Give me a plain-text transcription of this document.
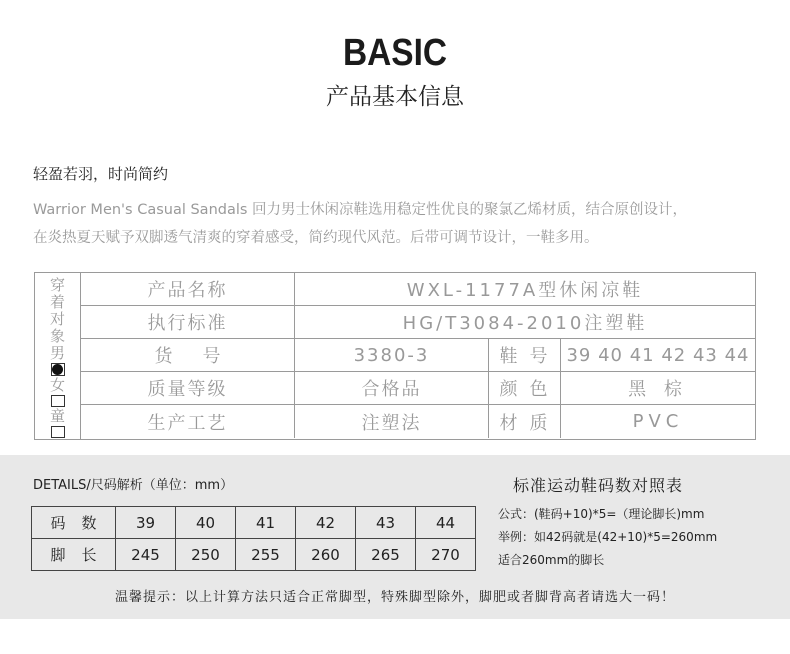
BASIC
产品基本信息
轻盈若羽，时尚简约
Warrior Men's Casual Sandals 回力男士休闲凉鞋选用稳定性优良的聚氯乙烯材质，结合原创设计，
在炎热夏天赋予双脚透气清爽的穿着感受，简约现代风范。后带可调节设计，一鞋多用。
穿
着
对
象
男
女
童
产品名称	WXL-1177A型休闲凉鞋
执行标准	HG/T3084-2010注塑鞋
货号	3380-3	鞋号 39 40 41 42 43 44
质量等级	合格品	颜色	黑 棕
生产工艺	注塑法	材质	PVC
DETAILS/尺码解析（单位：mm）
码数	39	40	41	42	43	44
脚长	245	250	255	260	265	270
标准运动鞋码数对照表
公式：(鞋码+10)*5=（理论脚长)mm
举例：如42码就是(42+10)*5=260mm
适合260mm的脚长
温馨提示：以上计算方法只适合正常脚型，特殊脚型除外，脚肥或者脚背高者请选大一码！
